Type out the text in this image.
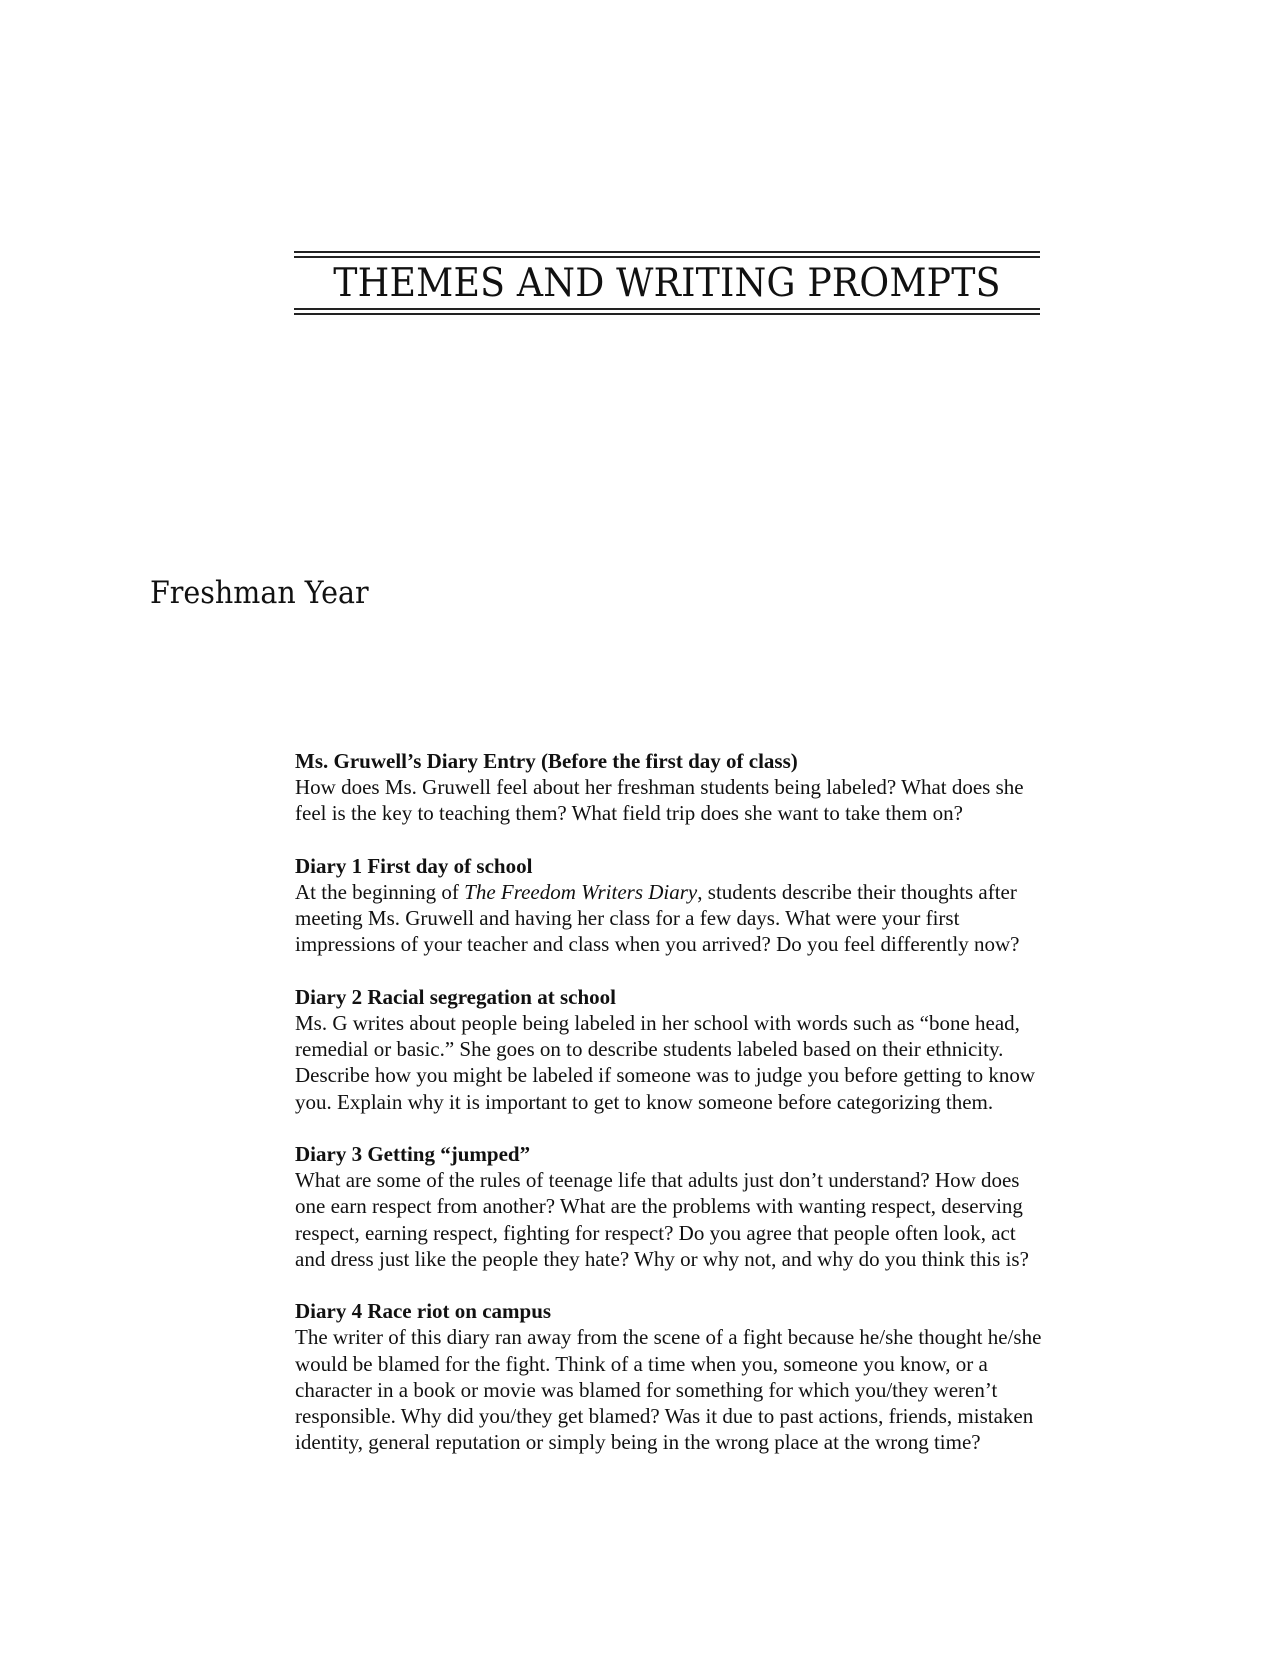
THEMES AND WRITING PROMPTS
Freshman Year
Ms. Gruwell’s Diary Entry (Before the first day of class)
How does Ms. Gruwell feel about her freshman students being labeled? What does she
feel is the key to teaching them? What field trip does she want to take them on?
Diary 1 First day of school
At the beginning of The Freedom Writers Diary, students describe their thoughts after
meeting Ms. Gruwell and having her class for a few days. What were your first
impressions of your teacher and class when you arrived? Do you feel differently now?
Diary 2 Racial segregation at school
Ms. G writes about people being labeled in her school with words such as “bone head,
remedial or basic.” She goes on to describe students labeled based on their ethnicity.
Describe how you might be labeled if someone was to judge you before getting to know
you. Explain why it is important to get to know someone before categorizing them.
Diary 3 Getting “jumped”
What are some of the rules of teenage life that adults just don’t understand? How does
one earn respect from another? What are the problems with wanting respect, deserving
respect, earning respect, fighting for respect? Do you agree that people often look, act
and dress just like the people they hate? Why or why not, and why do you think this is?
Diary 4 Race riot on campus
The writer of this diary ran away from the scene of a fight because he/she thought he/she
would be blamed for the fight. Think of a time when you, someone you know, or a
character in a book or movie was blamed for something for which you/they weren’t
responsible. Why did you/they get blamed? Was it due to past actions, friends, mistaken
identity, general reputation or simply being in the wrong place at the wrong time?
